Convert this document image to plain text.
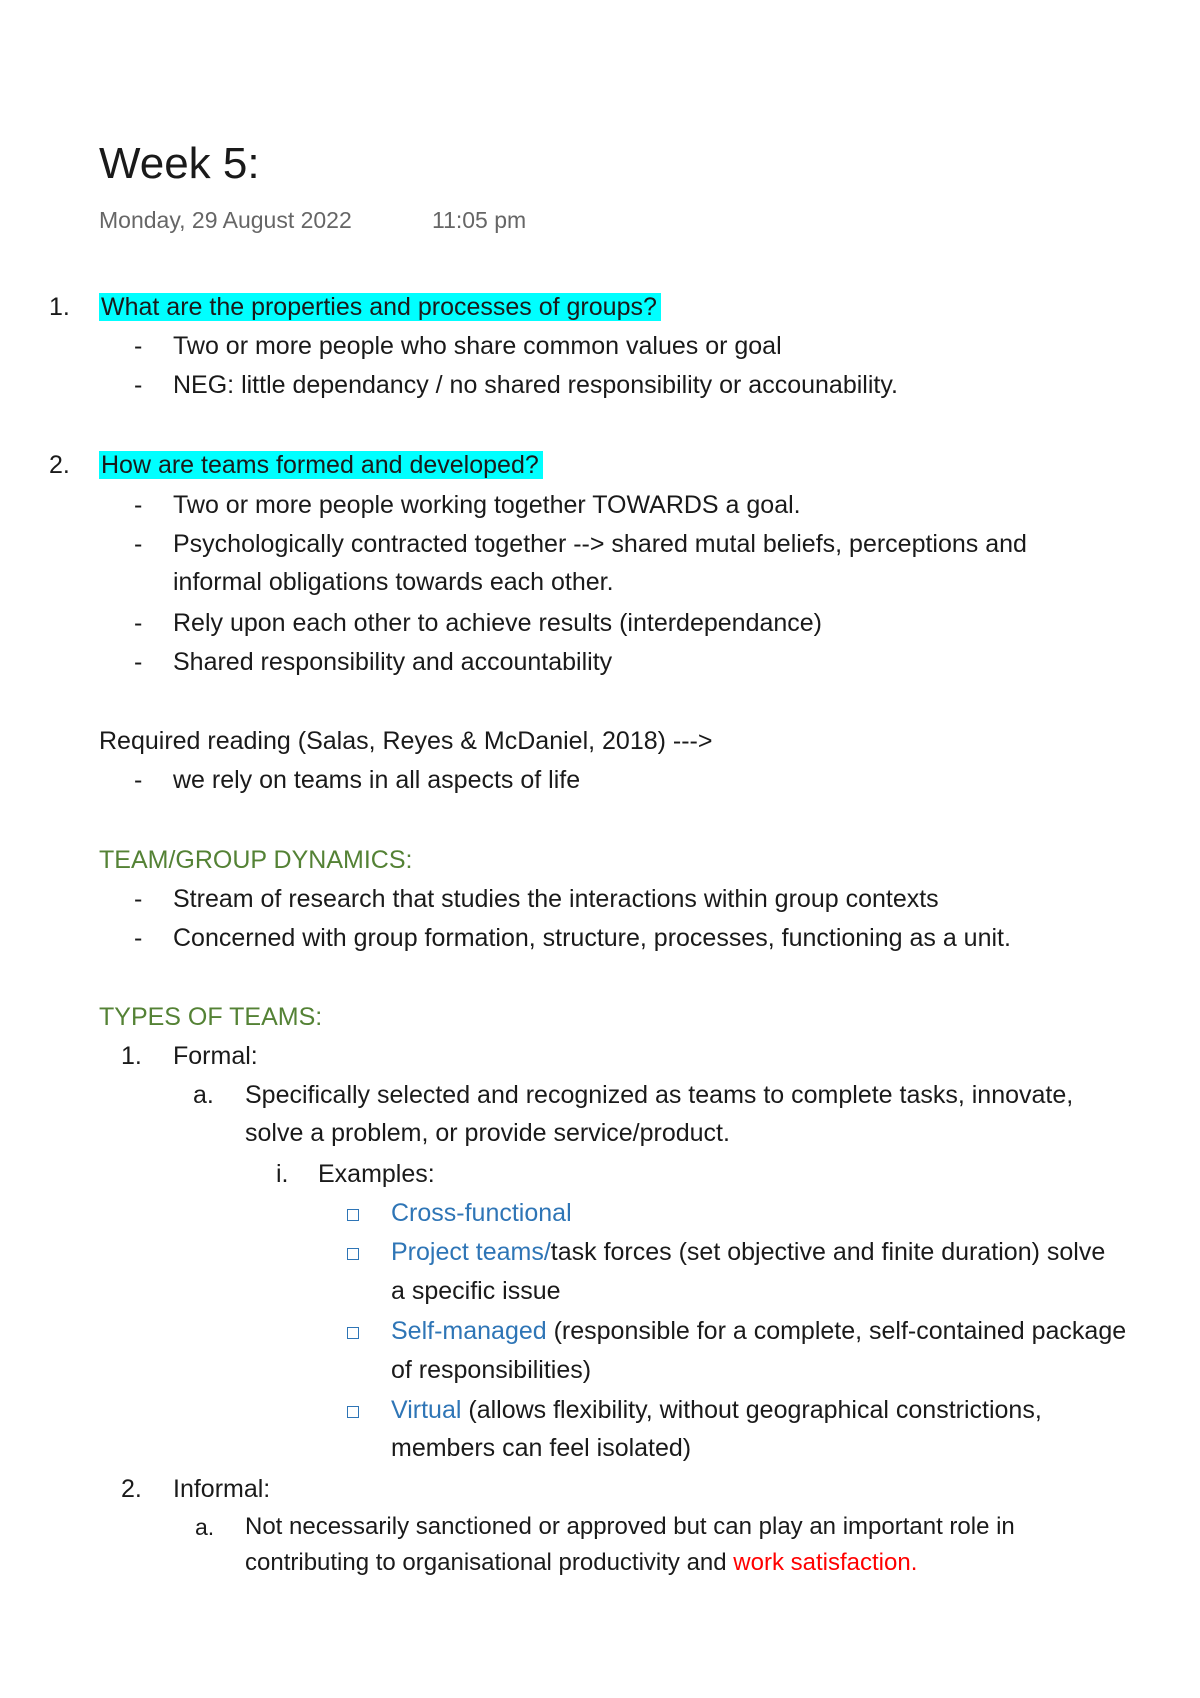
Week 5:
Monday, 29 August 2022	11:05 pm
1. What are the properties and processes of groups?
- Two or more people who share common values or goal
- NEG: little dependancy / no shared responsibility or accounability.
2. How are teams formed and developed?
- Two or more people working together TOWARDS a goal.
- Psychologically contracted together --> shared mutal beliefs, perceptions and
informal obligations towards each other.
- Rely upon each other to achieve results (interdependance)
- Shared responsibility and accountability
Required reading (Salas, Reyes & McDaniel, 2018) --->
- we rely on teams in all aspects of life
TEAM/GROUP DYNAMICS:
- Stream of research that studies the interactions within group contexts
- Concerned with group formation, structure, processes, functioning as a unit.
TYPES OF TEAMS:
1. Formal:
a. Specifically selected and recognized as teams to complete tasks, innovate,
solve a problem, or provide service/product.
i. Examples:
Cross-functional
Project teams/task forces (set objective and finite duration) solve
a specific issue
Self-managed (responsible for a complete, self-contained package
of responsibilities)
Virtual (allows flexibility, without geographical constrictions,
members can feel isolated)
2. Informal:
a. Not necessarily sanctioned or approved but can play an important role in
contributing to organisational productivity and work satisfaction.
